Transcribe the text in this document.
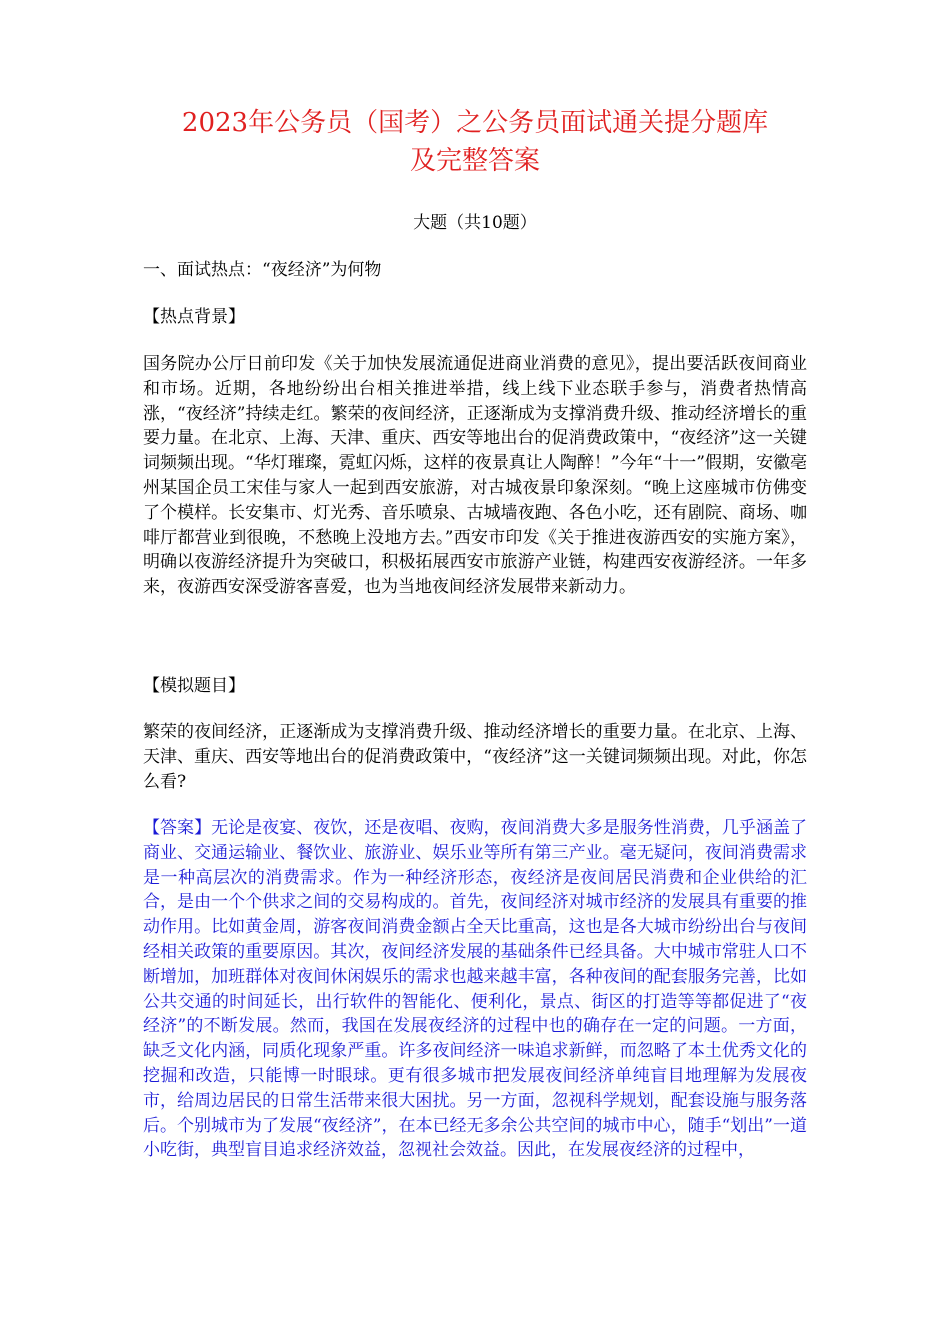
2023年公务员（国考）之公务员面试通关提分题库
及完整答案

大题（共10题）

一、面试热点：“夜经济”为何物

【热点背景】

国务院办公厅日前印发《关于加快发展流通促进商业消费的意见》，提出要活跃夜间商业和市场。近期，各地纷纷出台相关推进举措，线上线下业态联手参与，消费者热情高涨，“夜经济”持续走红。繁荣的夜间经济，正逐渐成为支撑消费升级、推动经济增长的重要力量。在北京、上海、天津、重庆、西安等地出台的促消费政策中，“夜经济”这一关键词频频出现。“华灯璀璨，霓虹闪烁，这样的夜景真让人陶醉！”今年“十一”假期，安徽亳州某国企员工宋佳与家人一起到西安旅游，对古城夜景印象深刻。“晚上这座城市仿佛变了个模样。长安集市、灯光秀、音乐喷泉、古城墙夜跑、各色小吃，还有剧院、商场、咖啡厅都营业到很晚，不愁晚上没地方去。”西安市印发《关于推进夜游西安的实施方案》，明确以夜游经济提升为突破口，积极拓展西安市旅游产业链，构建西安夜游经济。一年多来，夜游西安深受游客喜爱，也为当地夜间经济发展带来新动力。

【模拟题目】

繁荣的夜间经济，正逐渐成为支撑消费升级、推动经济增长的重要力量。在北京、上海、天津、重庆、西安等地出台的促消费政策中，“夜经济”这一关键词频频出现。对此，你怎么看?

【答案】无论是夜宴、夜饮，还是夜唱、夜购，夜间消费大多是服务性消费，几乎涵盖了商业、交通运输业、餐饮业、旅游业、娱乐业等所有第三产业。毫无疑问，夜间消费需求是一种高层次的消费需求。作为一种经济形态，夜经济是夜间居民消费和企业供给的汇合，是由一个个供求之间的交易构成的。首先，夜间经济对城市经济的发展具有重要的推动作用。比如黄金周，游客夜间消费金额占全天比重高，这也是各大城市纷纷出台与夜间经相关政策的重要原因。其次，夜间经济发展的基础条件已经具备。大中城市常驻人口不断增加，加班群体对夜间休闲娱乐的需求也越来越丰富，各种夜间的配套服务完善，比如公共交通的时间延长，出行软件的智能化、便利化，景点、街区的打造等等都促进了“夜经济”的不断发展。然而，我国在发展夜经济的过程中也的确存在一定的问题。一方面，缺乏文化内涵，同质化现象严重。许多夜间经济一味追求新鲜，而忽略了本土优秀文化的挖掘和改造，只能博一时眼球。更有很多城市把发展夜间经济单纯盲目地理解为发展夜市，给周边居民的日常生活带来很大困扰。另一方面，忽视科学规划，配套设施与服务落后。个别城市为了发展“夜经济”，在本已经无多余公共空间的城市中心，随手“划出”一道小吃街，典型盲目追求经济效益，忽视社会效益。因此，在发展夜经济的过程中，
